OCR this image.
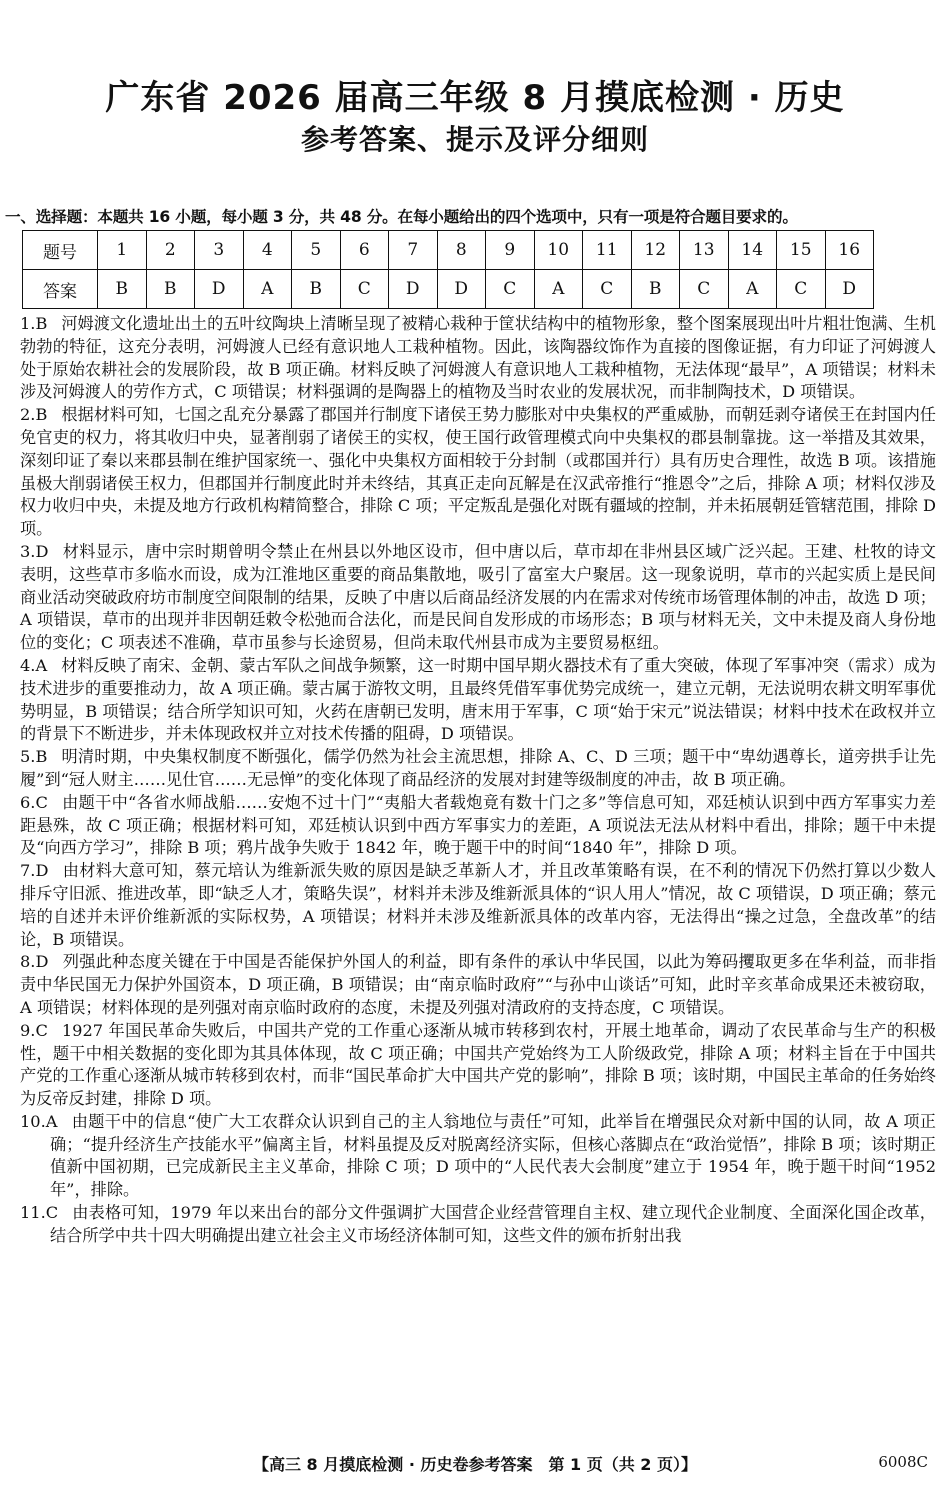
广东省 2026 届高三年级 8 月摸底检测 · 历史
参考答案、提示及评分细则
一、选择题：本题共 16 小题，每小题 3 分，共 48 分。在每小题给出的四个选项中，只有一项是符合题目要求的。
题号	1	2	3	4	5	6	7	8	9	10	11	12	13	14	15	16
答案	B	B	D	A	B	C	D	D	C	A	C	B	C	A	C	D

1.B 河姆渡文化遗址出土的五叶纹陶块上清晰呈现了被精心栽种于筐状结构中的植物形象，整个图案展现出叶片粗壮饱满、生机勃勃的特征，这充分表明，河姆渡人已经有意识地人工栽种植物。因此，该陶器纹饰作为直接的图像证据，有力印证了河姆渡人处于原始农耕社会的发展阶段，故 B 项正确。材料反映了河姆渡人有意识地人工栽种植物，无法体现“最早”，A 项错误；材料未涉及河姆渡人的劳作方式，C 项错误；材料强调的是陶器上的植物及当时农业的发展状况，而非制陶技术，D 项错误。

2.B 根据材料可知，七国之乱充分暴露了郡国并行制度下诸侯王势力膨胀对中央集权的严重威胁，而朝廷剥夺诸侯王在封国内任免官吏的权力，将其收归中央，显著削弱了诸侯王的实权，使王国行政管理模式向中央集权的郡县制靠拢。这一举措及其效果，深刻印证了秦以来郡县制在维护国家统一、强化中央集权方面相较于分封制（或郡国并行）具有历史合理性，故选 B 项。该措施虽极大削弱诸侯王权力，但郡国并行制度此时并未终结，其真正走向瓦解是在汉武帝推行“推恩令”之后，排除 A 项；材料仅涉及权力收归中央，未提及地方行政机构精简整合，排除 C 项；平定叛乱是强化对既有疆域的控制，并未拓展朝廷管辖范围，排除 D 项。

3.D 材料显示，唐中宗时期曾明令禁止在州县以外地区设市，但中唐以后，草市却在非州县区域广泛兴起。王建、杜牧的诗文表明，这些草市多临水而设，成为江淮地区重要的商品集散地，吸引了富室大户聚居。这一现象说明，草市的兴起实质上是民间商业活动突破政府坊市制度空间限制的结果，反映了中唐以后商品经济发展的内在需求对传统市场管理体制的冲击，故选 D 项；A 项错误，草市的出现并非因朝廷敕令松弛而合法化，而是民间自发形成的市场形态；B 项与材料无关，文中未提及商人身份地位的变化；C 项表述不准确，草市虽参与长途贸易，但尚未取代州县市成为主要贸易枢纽。

4.A 材料反映了南宋、金朝、蒙古军队之间战争频繁，这一时期中国早期火器技术有了重大突破，体现了军事冲突（需求）成为技术进步的重要推动力，故 A 项正确。蒙古属于游牧文明，且最终凭借军事优势完成统一，建立元朝，无法说明农耕文明军事优势明显，B 项错误；结合所学知识可知，火药在唐朝已发明，唐末用于军事，C 项“始于宋元”说法错误；材料中技术在政权并立的背景下不断进步，并未体现政权并立对技术传播的阻碍，D 项错误。

5.B 明清时期，中央集权制度不断强化，儒学仍然为社会主流思想，排除 A、C、D 三项；题干中“卑幼遇尊长，道旁拱手让先履”到“冠人财主……见仕官……无忌惮”的变化体现了商品经济的发展对封建等级制度的冲击，故 B 项正确。

6.C 由题干中“各省水师战船……安炮不过十门”“夷船大者载炮竟有数十门之多”等信息可知，邓廷桢认识到中西方军事实力差距悬殊，故 C 项正确；根据材料可知，邓廷桢认识到中西方军事实力的差距，A 项说法无法从材料中看出，排除；题干中未提及“向西方学习”，排除 B 项；鸦片战争失败于 1842 年，晚于题干中的时间“1840 年”，排除 D 项。

7.D 由材料大意可知，蔡元培认为维新派失败的原因是缺乏革新人才，并且改革策略有误，在不利的情况下仍然打算以少数人排斥守旧派、推进改革，即“缺乏人才，策略失误”，材料并未涉及维新派具体的“识人用人”情况，故 C 项错误，D 项正确；蔡元培的自述并未评价维新派的实际权势，A 项错误；材料并未涉及维新派具体的改革内容，无法得出“操之过急，全盘改革”的结论，B 项错误。

8.D 列强此种态度关键在于中国是否能保护外国人的利益，即有条件的承认中华民国，以此为筹码攫取更多在华利益，而非指责中华民国无力保护外国资本，D 项正确，B 项错误；由“南京临时政府”“与孙中山谈话”可知，此时辛亥革命成果还未被窃取，A 项错误；材料体现的是列强对南京临时政府的态度，未提及列强对清政府的支持态度，C 项错误。

9.C 1927 年国民革命失败后，中国共产党的工作重心逐渐从城市转移到农村，开展土地革命，调动了农民革命与生产的积极性，题干中相关数据的变化即为其具体体现，故 C 项正确；中国共产党始终为工人阶级政党，排除 A 项；材料主旨在于中国共产党的工作重心逐渐从城市转移到农村，而非“国民革命扩大中国共产党的影响”，排除 B 项；该时期，中国民主革命的任务始终为反帝反封建，排除 D 项。

10.A 由题干中的信息“使广大工农群众认识到自己的主人翁地位与责任”可知，此举旨在增强民众对新中国的认同，故 A 项正确；“提升经济生产技能水平”偏离主旨，材料虽提及反对脱离经济实际，但核心落脚点在“政治觉悟”，排除 B 项；该时期正值新中国初期，已完成新民主主义革命，排除 C 项；D 项中的“人民代表大会制度”建立于 1954 年，晚于题干时间“1952 年”，排除。

11.C 由表格可知，1979 年以来出台的部分文件强调扩大国营企业经营管理自主权、建立现代企业制度、全面深化国企改革，结合所学中共十四大明确提出建立社会主义市场经济体制可知，这些文件的颁布折射出我

【高三 8 月摸底检测 · 历史卷参考答案　第 1 页（共 2 页）】	6008C
